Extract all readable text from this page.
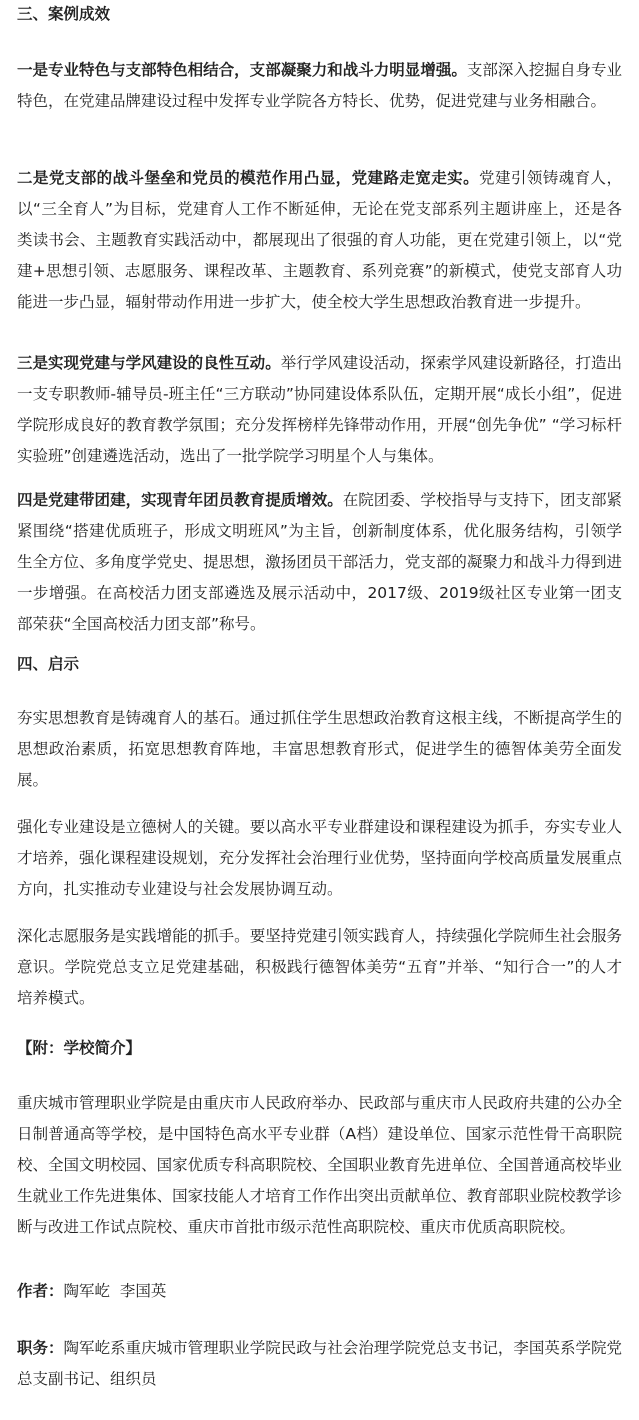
三、案例成效

一是专业特色与支部特色相结合，支部凝聚力和战斗力明显增强。支部深入挖掘自身专业特色，在党建品牌建设过程中发挥专业学院各方特长、优势，促进党建与业务相融合。

二是党支部的战斗堡垒和党员的模范作用凸显，党建路走宽走实。党建引领铸魂育人，以“三全育人”为目标，党建育人工作不断延伸，无论在党支部系列主题讲座上，还是各类读书会、主题教育实践活动中，都展现出了很强的育人功能，更在党建引领上，以“党建+思想引领、志愿服务、课程改革、主题教育、系列竞赛”的新模式，使党支部育人功能进一步凸显，辐射带动作用进一步扩大，使全校大学生思想政治教育进一步提升。

三是实现党建与学风建设的良性互动。举行学风建设活动，探索学风建设新路径，打造出一支专职教师-辅导员-班主任“三方联动”协同建设体系队伍，定期开展“成长小组”，促进学院形成良好的教育教学氛围；充分发挥榜样先锋带动作用，开展“创先争优” “学习标杆实验班”创建遴选活动，选出了一批学院学习明星个人与集体。

四是党建带团建，实现青年团员教育提质增效。在院团委、学校指导与支持下，团支部紧紧围绕“搭建优质班子，形成文明班风”为主旨，创新制度体系，优化服务结构，引领学生全方位、多角度学党史、提思想，激扬团员干部活力，党支部的凝聚力和战斗力得到进一步增强。在高校活力团支部遴选及展示活动中，2017级、2019级社区专业第一团支部荣获“全国高校活力团支部”称号。

四、启示

夯实思想教育是铸魂育人的基石。通过抓住学生思想政治教育这根主线，不断提高学生的思想政治素质，拓宽思想教育阵地，丰富思想教育形式，促进学生的德智体美劳全面发展。

强化专业建设是立德树人的关键。要以高水平专业群建设和课程建设为抓手，夯实专业人才培养，强化课程建设规划，充分发挥社会治理行业优势，坚持面向学校高质量发展重点方向，扎实推动专业建设与社会发展协调互动。

深化志愿服务是实践增能的抓手。要坚持党建引领实践育人，持续强化学院师生社会服务意识。学院党总支立足党建基础，积极践行德智体美劳“五育”并举、“知行合一”的人才培养模式。

【附：学校简介】

重庆城市管理职业学院是由重庆市人民政府举办、民政部与重庆市人民政府共建的公办全日制普通高等学校，是中国特色高水平专业群（A档）建设单位、国家示范性骨干高职院校、全国文明校园、国家优质专科高职院校、全国职业教育先进单位、全国普通高校毕业生就业工作先进集体、国家技能人才培育工作作出突出贡献单位、教育部职业院校教学诊断与改进工作试点院校、重庆市首批市级示范性高职院校、重庆市优质高职院校。

作者：陶军屹  李国英

职务：陶军屹系重庆城市管理职业学院民政与社会治理学院党总支书记，李国英系学院党总支副书记、组织员
